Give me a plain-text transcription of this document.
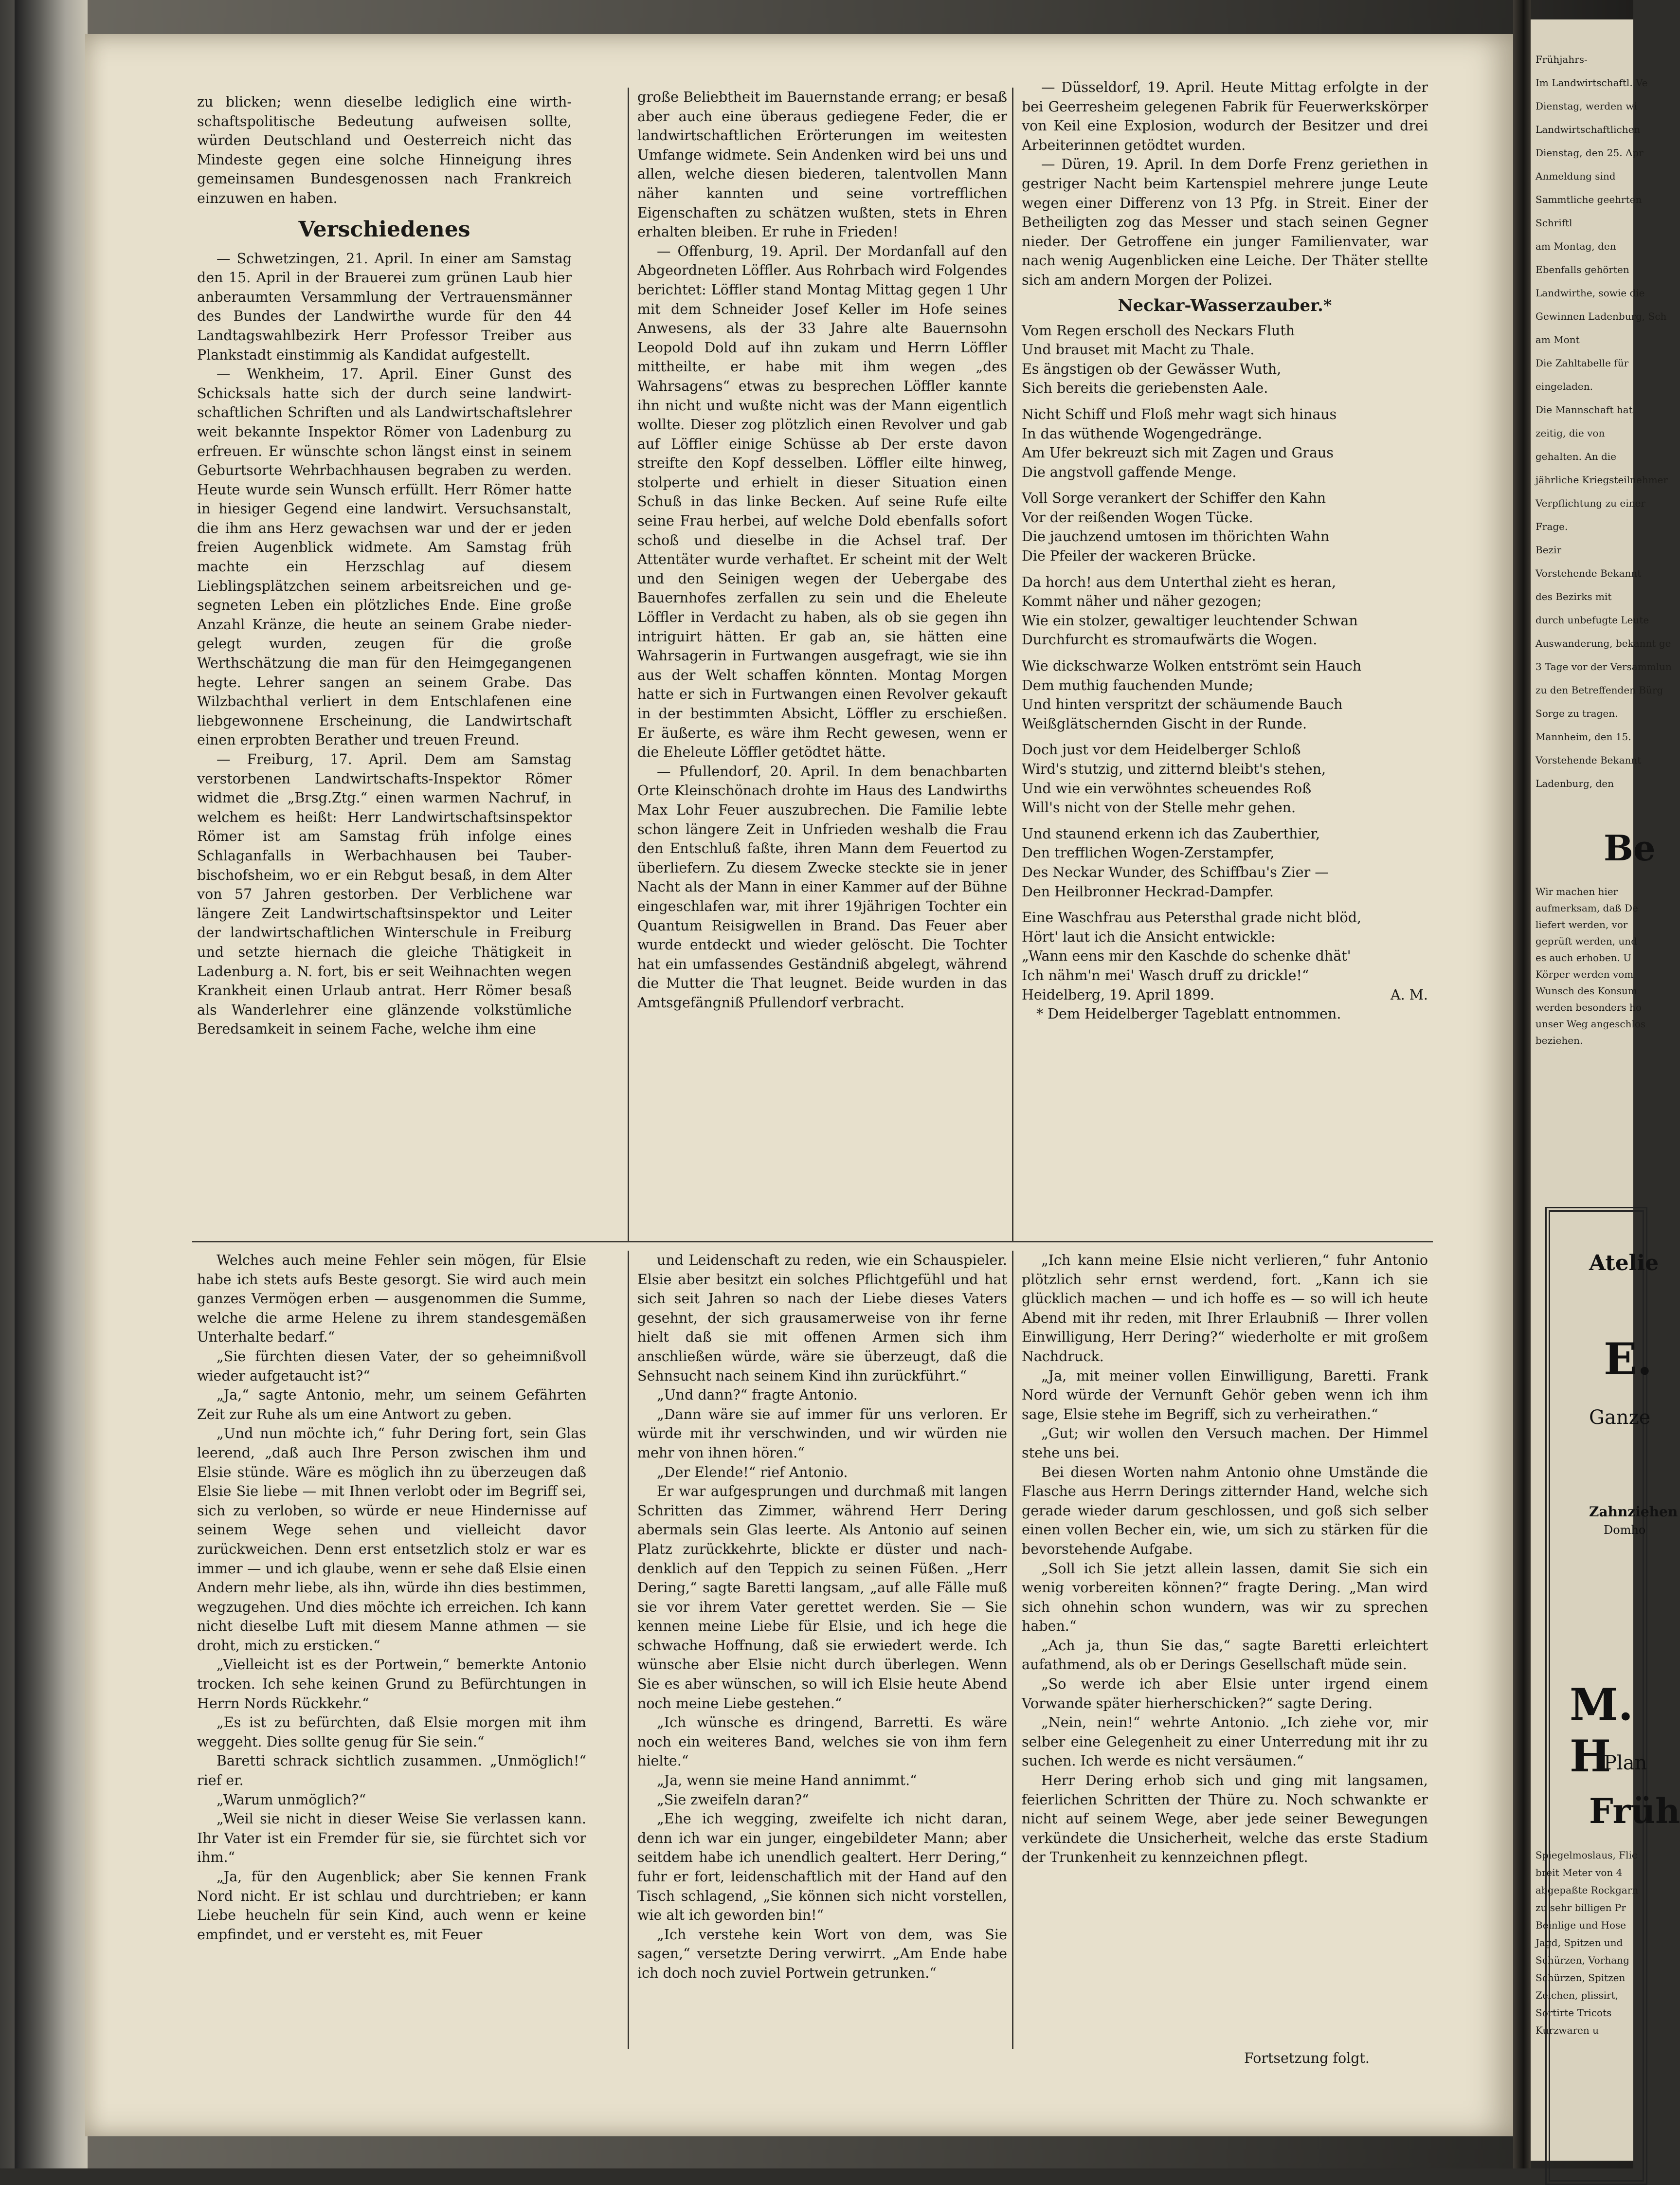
zu blicken; wenn dieselbe lediglich eine wirthschaftspolitische Bedeutung aufweisen sollte, würden Deutschland und Oesterreich nicht das Mindeste gegen eine solche Hinneigung ihres gemeinsamen Bundesgenossen nach Frankreich einzuwen en haben.

Verschiedenes

— Schwetzingen, 21. April. In einer am Samstag den 15. April in der Brauerei zum grünen Laub hier anberaumten Versammlung der Vertrauensmänner des Bundes der Landwirthe wurde für den 44 Landtagswahlbezirk Herr Professor Treiber aus Plankstadt einstimmig als Kandidat aufgestellt.

— Wenkheim, 17. April. Einer Gunst des Schicksals hatte sich der durch seine landwirtschaftlichen Schriften und als Landwirtschaftslehrer weit bekannte Inspektor Römer von Ladenburg zu erfreuen. Er wünschte schon längst einst in seinem Geburtsorte Wehrbachhausen begraben zu werden. Heute wurde sein Wunsch erfüllt. Herr Römer hatte in hiesiger Gegend eine landwirt. Versuchsanstalt, die ihm ans Herz gewachsen war und der er jeden freien Augenblick widmete. Am Samstag früh machte ein Herzschlag auf diesem Lieblingsplätzchen seinem arbeitsreichen und gesegneten Leben ein plötzliches Ende. Eine große Anzahl Kränze, die heute an seinem Grabe niedergelegt wurden, zeugen für die große Werthschätzung die man für den Heimgegangenen hegte. Lehrer sangen an seinem Grabe. Das Wilzbachthal verliert in dem Entschlafenen eine liebgewonnene Erscheinung, die Landwirtschaft einen erprobten Berather und treuen Freund.

— Freiburg, 17. April. Dem am Samstag verstorbenen Landwirtschafts-Inspektor Römer widmet die „Brsg.Ztg.“ einen warmen Nachruf, in welchem es heißt: Herr Landwirtschaftsinspektor Römer ist am Samstag früh infolge eines Schlaganfalls in Werbachhausen bei Tauberbischofsheim, wo er ein Rebgut besaß, in dem Alter von 57 Jahren gestorben. Der Verblichene war längere Zeit Landwirtschaftsinspektor und Leiter der landwirtschaftlichen Winterschule in Freiburg und setzte hiernach die gleiche Thätigkeit in Ladenburg a. N. fort, bis er seit Weihnachten wegen Krankheit einen Urlaub antrat. Herr Römer besaß als Wanderlehrer eine glänzende volkstümliche Beredsamkeit in seinem Fache, welche ihm eine

große Beliebtheit im Bauernstande errang; er besaß aber auch eine überaus gediegene Feder, die er landwirtschaftlichen Erörterungen im weitesten Umfange widmete. Sein Andenken wird bei uns und allen, welche diesen biederen, talentvollen Mann näher kannten und seine vortrefflichen Eigenschaften zu schätzen wußten, stets in Ehren erhalten bleiben. Er ruhe in Frieden!

— Offenburg, 19. April. Der Mordanfall auf den Abgeordneten Löffler. Aus Rohrbach wird Folgendes berichtet: Löffler stand Montag Mittag gegen 1 Uhr mit dem Schneider Josef Keller im Hofe seines Anwesens, als der 33 Jahre alte Bauernsohn Leopold Dold auf ihn zukam und Herrn Löffler mittheilte, er habe mit ihm wegen „des Wahrsagens“ etwas zu besprechen Löffler kannte ihn nicht und wußte nicht was der Mann eigentlich wollte. Dieser zog plötzlich einen Revolver und gab auf Löffler einige Schüsse ab Der erste davon streifte den Kopf desselben. Löffler eilte hinweg, stolperte und erhielt in dieser Situation einen Schuß in das linke Becken. Auf seine Rufe eilte seine Frau herbei, auf welche Dold ebenfalls sofort schoß und dieselbe in die Achsel traf. Der Attentäter wurde verhaftet. Er scheint mit der Welt und den Seinigen wegen der Uebergabe des Bauernhofes zerfallen zu sein und die Eheleute Löffler in Verdacht zu haben, als ob sie gegen ihn intriguirt hätten. Er gab an, sie hätten eine Wahrsagerin in Furtwangen ausgefragt, wie sie ihn aus der Welt schaffen könnten. Montag Morgen hatte er sich in Furtwangen einen Revolver gekauft in der bestimmten Absicht, Löffler zu erschießen. Er äußerte, es wäre ihm Recht gewesen, wenn er die Eheleute Löffler getödtet hätte.

— Pfullendorf, 20. April. In dem benachbarten Orte Kleinschönach drohte im Haus des Landwirths Max Lohr Feuer auszubrechen. Die Familie lebte schon längere Zeit in Unfrieden weshalb die Frau den Entschluß faßte, ihren Mann dem Feuertod zu überliefern. Zu diesem Zwecke steckte sie in jener Nacht als der Mann in einer Kammer auf der Bühne eingeschlafen war, mit ihrer 19jährigen Tochter ein Quantum Reisigwellen in Brand. Das Feuer aber wurde entdeckt und wieder gelöscht. Die Tochter hat ein umfassendes Geständniß abgelegt, während die Mutter die That leugnet. Beide wurden in das Amtsgefängniß Pfullendorf verbracht.

— Düsseldorf, 19. April. Heute Mittag erfolgte in der bei Geerresheim gelegenen Fabrik für Feuerwerkskörper von Keil eine Explosion, wodurch der Besitzer und drei Arbeiterinnen getödtet wurden.

— Düren, 19. April. In dem Dorfe Frenz geriethen in gestriger Nacht beim Kartenspiel mehrere junge Leute wegen einer Differenz von 13 Pfg. in Streit. Einer der Betheiligten zog das Messer und stach seinen Gegner nieder. Der Getroffene ein junger Familienvater, war nach wenig Augenblicken eine Leiche. Der Thäter stellte sich am andern Morgen der Polizei.

Neckar-Wasserzauber.*

Vom Regen erscholl des Neckars Fluth

Und brauset mit Macht zu Thale.

Es ängstigen ob der Gewässer Wuth,

Sich bereits die geriebensten Aale.

Nicht Schiff und Floß mehr wagt sich hinaus

In das wüthende Wogengedränge.

Am Ufer bekreuzt sich mit Zagen und Graus

Die angstvoll gaffende Menge.

Voll Sorge verankert der Schiffer den Kahn

Vor der reißenden Wogen Tücke.

Die jauchzend umtosen im thörichten Wahn

Die Pfeiler der wackeren Brücke.

Da horch! aus dem Unterthal zieht es heran,

Kommt näher und näher gezogen;

Wie ein stolzer, gewaltiger leuchtender Schwan

Durchfurcht es stromaufwärts die Wogen.

Wie dickschwarze Wolken entströmt sein Hauch

Dem muthig fauchenden Munde;

Und hinten verspritzt der schäumende Bauch

Weißglätschernden Gischt in der Runde.

Doch just vor dem Heidelberger Schloß

Wird's stutzig, und zitternd bleibt's stehen,

Und wie ein verwöhntes scheuendes Roß

Will's nicht von der Stelle mehr gehen.

Und staunend erkenn ich das Zauberthier,

Den trefflichen Wogen-Zerstampfer,

Des Neckar Wunder, des Schiffbau's Zier —

Den Heilbronner Heckrad-Dampfer.

Eine Waschfrau aus Petersthal grade nicht blöd,

Hört' laut ich die Ansicht entwickle:

„Wann eens mir den Kaschde do schenke dhät'

Ich nähm'n mei' Wasch druff zu drickle!“

Heidelberg, 19. April 1899.	A. M.

* Dem Heidelberger Tageblatt entnommen.

Welches auch meine Fehler sein mögen, für Elsie habe ich stets aufs Beste gesorgt. Sie wird auch mein ganzes Vermögen erben — ausgenommen die Summe, welche die arme Helene zu ihrem standesgemäßen Unterhalte bedarf.“

„Sie fürchten diesen Vater, der so geheimnißvoll wieder aufgetaucht ist?“

„Ja,“ sagte Antonio, mehr, um seinem Gefährten Zeit zur Ruhe als um eine Antwort zu geben.

„Und nun möchte ich,“ fuhr Dering fort, sein Glas leerend, „daß auch Ihre Person zwischen ihm und Elsie stünde. Wäre es möglich ihn zu überzeugen daß Elsie Sie liebe — mit Ihnen verlobt oder im Begriff sei, sich zu verloben, so würde er neue Hindernisse auf seinem Wege sehen und vielleicht davor zurückweichen. Denn erst entsetzlich stolz er war es immer — und ich glaube, wenn er sehe daß Elsie einen Andern mehr liebe, als ihn, würde ihn dies bestimmen, wegzugehen. Und dies möchte ich erreichen. Ich kann nicht dieselbe Luft mit diesem Manne athmen — sie droht, mich zu ersticken.“

„Vielleicht ist es der Portwein,“ bemerkte Antonio trocken. Ich sehe keinen Grund zu Befürchtungen in Herrn Nords Rückkehr.“

„Es ist zu befürchten, daß Elsie morgen mit ihm weggeht. Dies sollte genug für Sie sein.“

Baretti schrack sichtlich zusammen. „Unmöglich!“ rief er.

„Warum unmöglich?“

„Weil sie nicht in dieser Weise Sie verlassen kann. Ihr Vater ist ein Fremder für sie, sie fürchtet sich vor ihm.“

„Ja, für den Augenblick; aber Sie kennen Frank Nord nicht. Er ist schlau und durchtrieben; er kann Liebe heucheln für sein Kind, auch wenn er keine empfindet, und er versteht es, mit Feuer

und Leidenschaft zu reden, wie ein Schauspieler. Elsie aber besitzt ein solches Pflichtgefühl und hat sich seit Jahren so nach der Liebe dieses Vaters gesehnt, der sich grausamerweise von ihr ferne hielt daß sie mit offenen Armen sich ihm anschließen würde, wäre sie überzeugt, daß die Sehnsucht nach seinem Kind ihn zurückführt.“

„Und dann?“ fragte Antonio.

„Dann wäre sie auf immer für uns verloren. Er würde mit ihr verschwinden, und wir würden nie mehr von ihnen hören.“

„Der Elende!“ rief Antonio.

Er war aufgesprungen und durchmaß mit langen Schritten das Zimmer, während Herr Dering abermals sein Glas leerte. Als Antonio auf seinen Platz zurückkehrte, blickte er düster und nachdenklich auf den Teppich zu seinen Füßen. „Herr Dering,“ sagte Baretti langsam, „auf alle Fälle muß sie vor ihrem Vater gerettet werden. Sie — Sie kennen meine Liebe für Elsie, und ich hege die schwache Hoffnung, daß sie erwiedert werde. Ich wünsche aber Elsie nicht durch überlegen. Wenn Sie es aber wünschen, so will ich Elsie heute Abend noch meine Liebe gestehen.“

„Ich wünsche es dringend, Barretti. Es wäre noch ein weiteres Band, welches sie von ihm fern hielte.“

„Ja, wenn sie meine Hand annimmt.“

„Sie zweifeln daran?“

„Ehe ich wegging, zweifelte ich nicht daran, denn ich war ein junger, eingebildeter Mann; aber seitdem habe ich unendlich gealtert. Herr Dering,“ fuhr er fort, leidenschaftlich mit der Hand auf den Tisch schlagend, „Sie können sich nicht vorstellen, wie alt ich geworden bin!“

„Ich verstehe kein Wort von dem, was Sie sagen,“ versetzte Dering verwirrt. „Am Ende habe ich doch noch zuviel Portwein getrunken.“

„Ich kann meine Elsie nicht verlieren,“ fuhr Antonio plötzlich sehr ernst werdend, fort. „Kann ich sie glücklich machen — und ich hoffe es — so will ich heute Abend mit ihr reden, mit Ihrer Erlaubniß — Ihrer vollen Einwilligung, Herr Dering?“ wiederholte er mit großem Nachdruck.

„Ja, mit meiner vollen Einwilligung, Baretti. Frank Nord würde der Vernunft Gehör geben wenn ich ihm sage, Elsie stehe im Begriff, sich zu verheirathen.“

„Gut; wir wollen den Versuch machen. Der Himmel stehe uns bei.

Bei diesen Worten nahm Antonio ohne Umstände die Flasche aus Herrn Derings zitternder Hand, welche sich gerade wieder darum geschlossen, und goß sich selber einen vollen Becher ein, wie, um sich zu stärken für die bevorstehende Aufgabe.

„Soll ich Sie jetzt allein lassen, damit Sie sich ein wenig vorbereiten können?“ fragte Dering. „Man wird sich ohnehin schon wundern, was wir zu sprechen haben.“

„Ach ja, thun Sie das,“ sagte Baretti erleichtert aufathmend, als ob er Derings Gesellschaft müde sein.

„So werde ich aber Elsie unter irgend einem Vorwande später hierherschicken?“ sagte Dering.

„Nein, nein!“ wehrte Antonio. „Ich ziehe vor, mir selber eine Gelegenheit zu einer Unterredung mit ihr zu suchen. Ich werde es nicht versäumen.“

Herr Dering erhob sich und ging mit langsamen, feierlichen Schritten der Thüre zu. Noch schwankte er nicht auf seinem Wege, aber jede seiner Bewegungen verkündete die Unsicherheit, welche das erste Stadium der Trunkenheit zu kennzeichnen pflegt.

Fortsetzung folgt.
Frühjahrs-
Im Landwirtschaftl. Ve
Dienstag, werden wi
Landwirtschaftlichen
Dienstag, den 25. Apr
Anmeldung sind
Sammtliche geehrten
Schriftl
am Montag, den
Ebenfalls gehörten
Landwirthe, sowie die
Gewinnen Ladenburg, Sch
am Mont
Die Zahltabelle für
eingeladen.
Die Mannschaft hat
zeitig, die von
gehalten. An die
jährliche Kriegsteilnehmer
Verpflichtung zu einer
Frage.
Bezir
Vorstehende Bekannt
des Bezirks mit
durch unbefugte Leute
Auswanderung, bekannt ge
3 Tage vor der Versammlun
zu den Betreffenden Bürg
Sorge zu tragen.
Mannheim, den 15.
Vorstehende Bekannt
Ladenburg, den
Be
Wir machen hier
aufmerksam, daß De
liefert werden, vor
geprüft werden, und
es auch erhoben. U
Körper werden vom
Wunsch des Konsum
werden besonders ho
unser Weg angeschlos
beziehen.
Atelie
E.
Ganze
Zahnziehen
Domho
M. H
Plan
Früh
Spiegelmoslaus, Flic
breit Meter von 4
abgepaßte Rockgarn
zu sehr billigen Pr
Beinlige und Hose
Jagd, Spitzen und
Schürzen, Vorhang
Schürzen, Spitzen
Zeichen, plissirt,
Sortirte Tricots
Kurzwaren u
